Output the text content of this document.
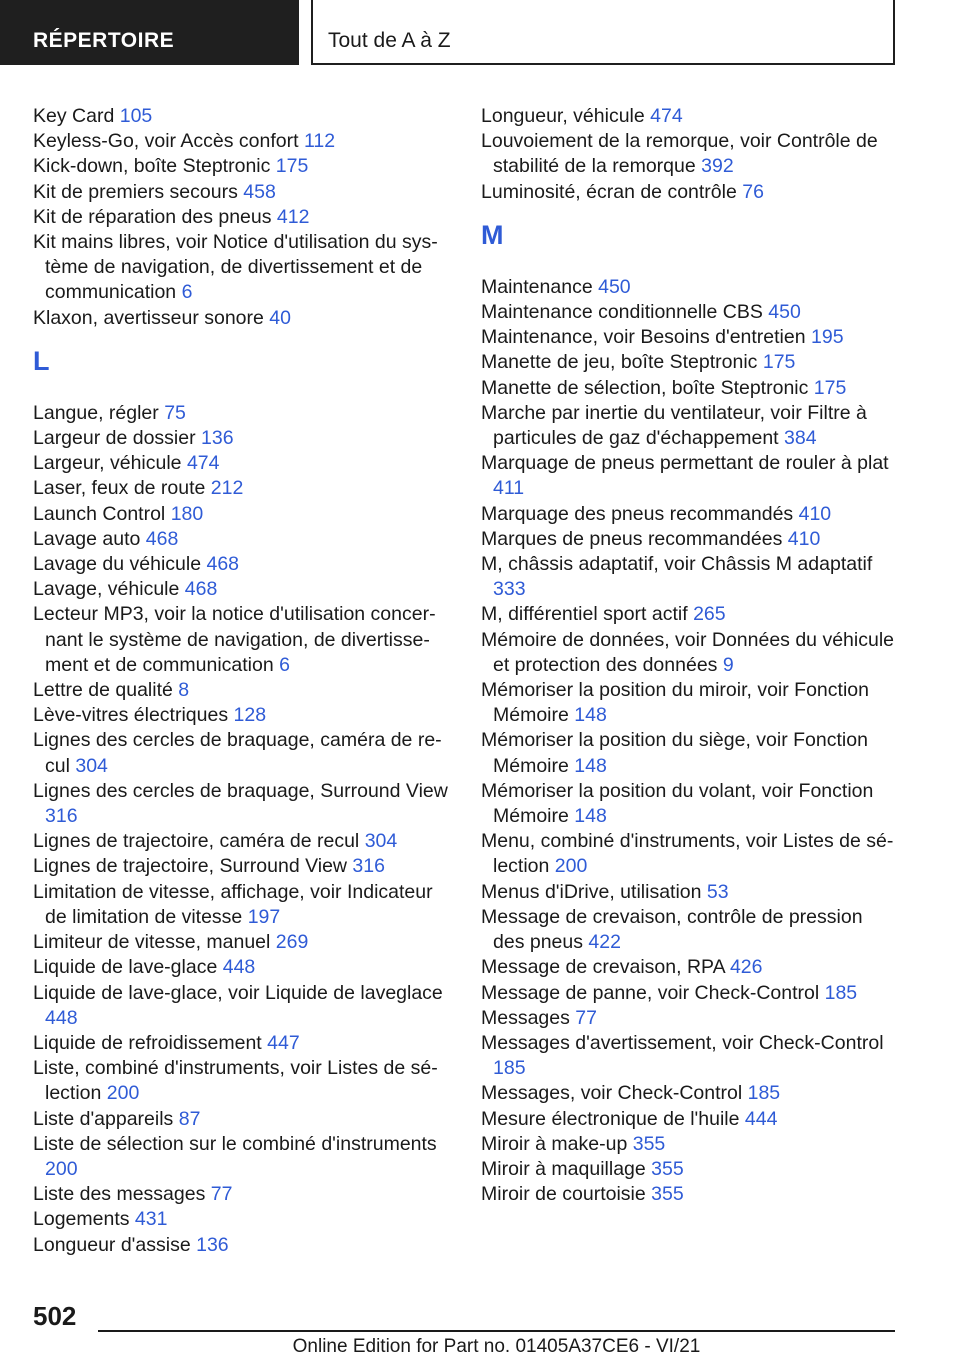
RÉPERTOIRE	Tout de A à Z
Key Card 105
Keyless-Go, voir Accès confort 112
Kick-down, boîte Steptronic 175
Kit de premiers secours 458
Kit de réparation des pneus 412
Kit mains libres, voir Notice d'utilisation du système de navigation, de divertissement et de communication 6
Klaxon, avertisseur sonore 40
L
Langue, régler 75
Largeur de dossier 136
Largeur, véhicule 474
Laser, feux de route 212
Launch Control 180
Lavage auto 468
Lavage du véhicule 468
Lavage, véhicule 468
Lecteur MP3, voir la notice d'utilisation concernant le système de navigation, de divertissement et de communication 6
Lettre de qualité 8
Lève-vitres électriques 128
Lignes des cercles de braquage, caméra de recul 304
Lignes des cercles de braquage, Surround View 316
Lignes de trajectoire, caméra de recul 304
Lignes de trajectoire, Surround View 316
Limitation de vitesse, affichage, voir Indicateur de limitation de vitesse 197
Limiteur de vitesse, manuel 269
Liquide de lave-glace 448
Liquide de lave-glace, voir Liquide de laveglace 448
Liquide de refroidissement 447
Liste, combiné d'instruments, voir Listes de sélection 200
Liste d'appareils 87
Liste de sélection sur le combiné d'instruments 200
Liste des messages 77
Logements 431
Longueur d'assise 136
Longueur, véhicule 474
Louvoiement de la remorque, voir Contrôle de stabilité de la remorque 392
Luminosité, écran de contrôle 76
M
Maintenance 450
Maintenance conditionnelle CBS 450
Maintenance, voir Besoins d'entretien 195
Manette de jeu, boîte Steptronic 175
Manette de sélection, boîte Steptronic 175
Marche par inertie du ventilateur, voir Filtre à particules de gaz d'échappement 384
Marquage de pneus permettant de rouler à plat 411
Marquage des pneus recommandés 410
Marques de pneus recommandées 410
M, châssis adaptatif, voir Châssis M adaptatif 333
M, différentiel sport actif 265
Mémoire de données, voir Données du véhicule et protection des données 9
Mémoriser la position du miroir, voir Fonction Mémoire 148
Mémoriser la position du siège, voir Fonction Mémoire 148
Mémoriser la position du volant, voir Fonction Mémoire 148
Menu, combiné d'instruments, voir Listes de sélection 200
Menus d'iDrive, utilisation 53
Message de crevaison, contrôle de pression des pneus 422
Message de crevaison, RPA 426
Message de panne, voir Check-Control 185
Messages 77
Messages d'avertissement, voir Check-Control 185
Messages, voir Check-Control 185
Mesure électronique de l'huile 444
Miroir à make-up 355
Miroir à maquillage 355
Miroir de courtoisie 355
502
Online Edition for Part no. 01405A37CE6 - VI/21
